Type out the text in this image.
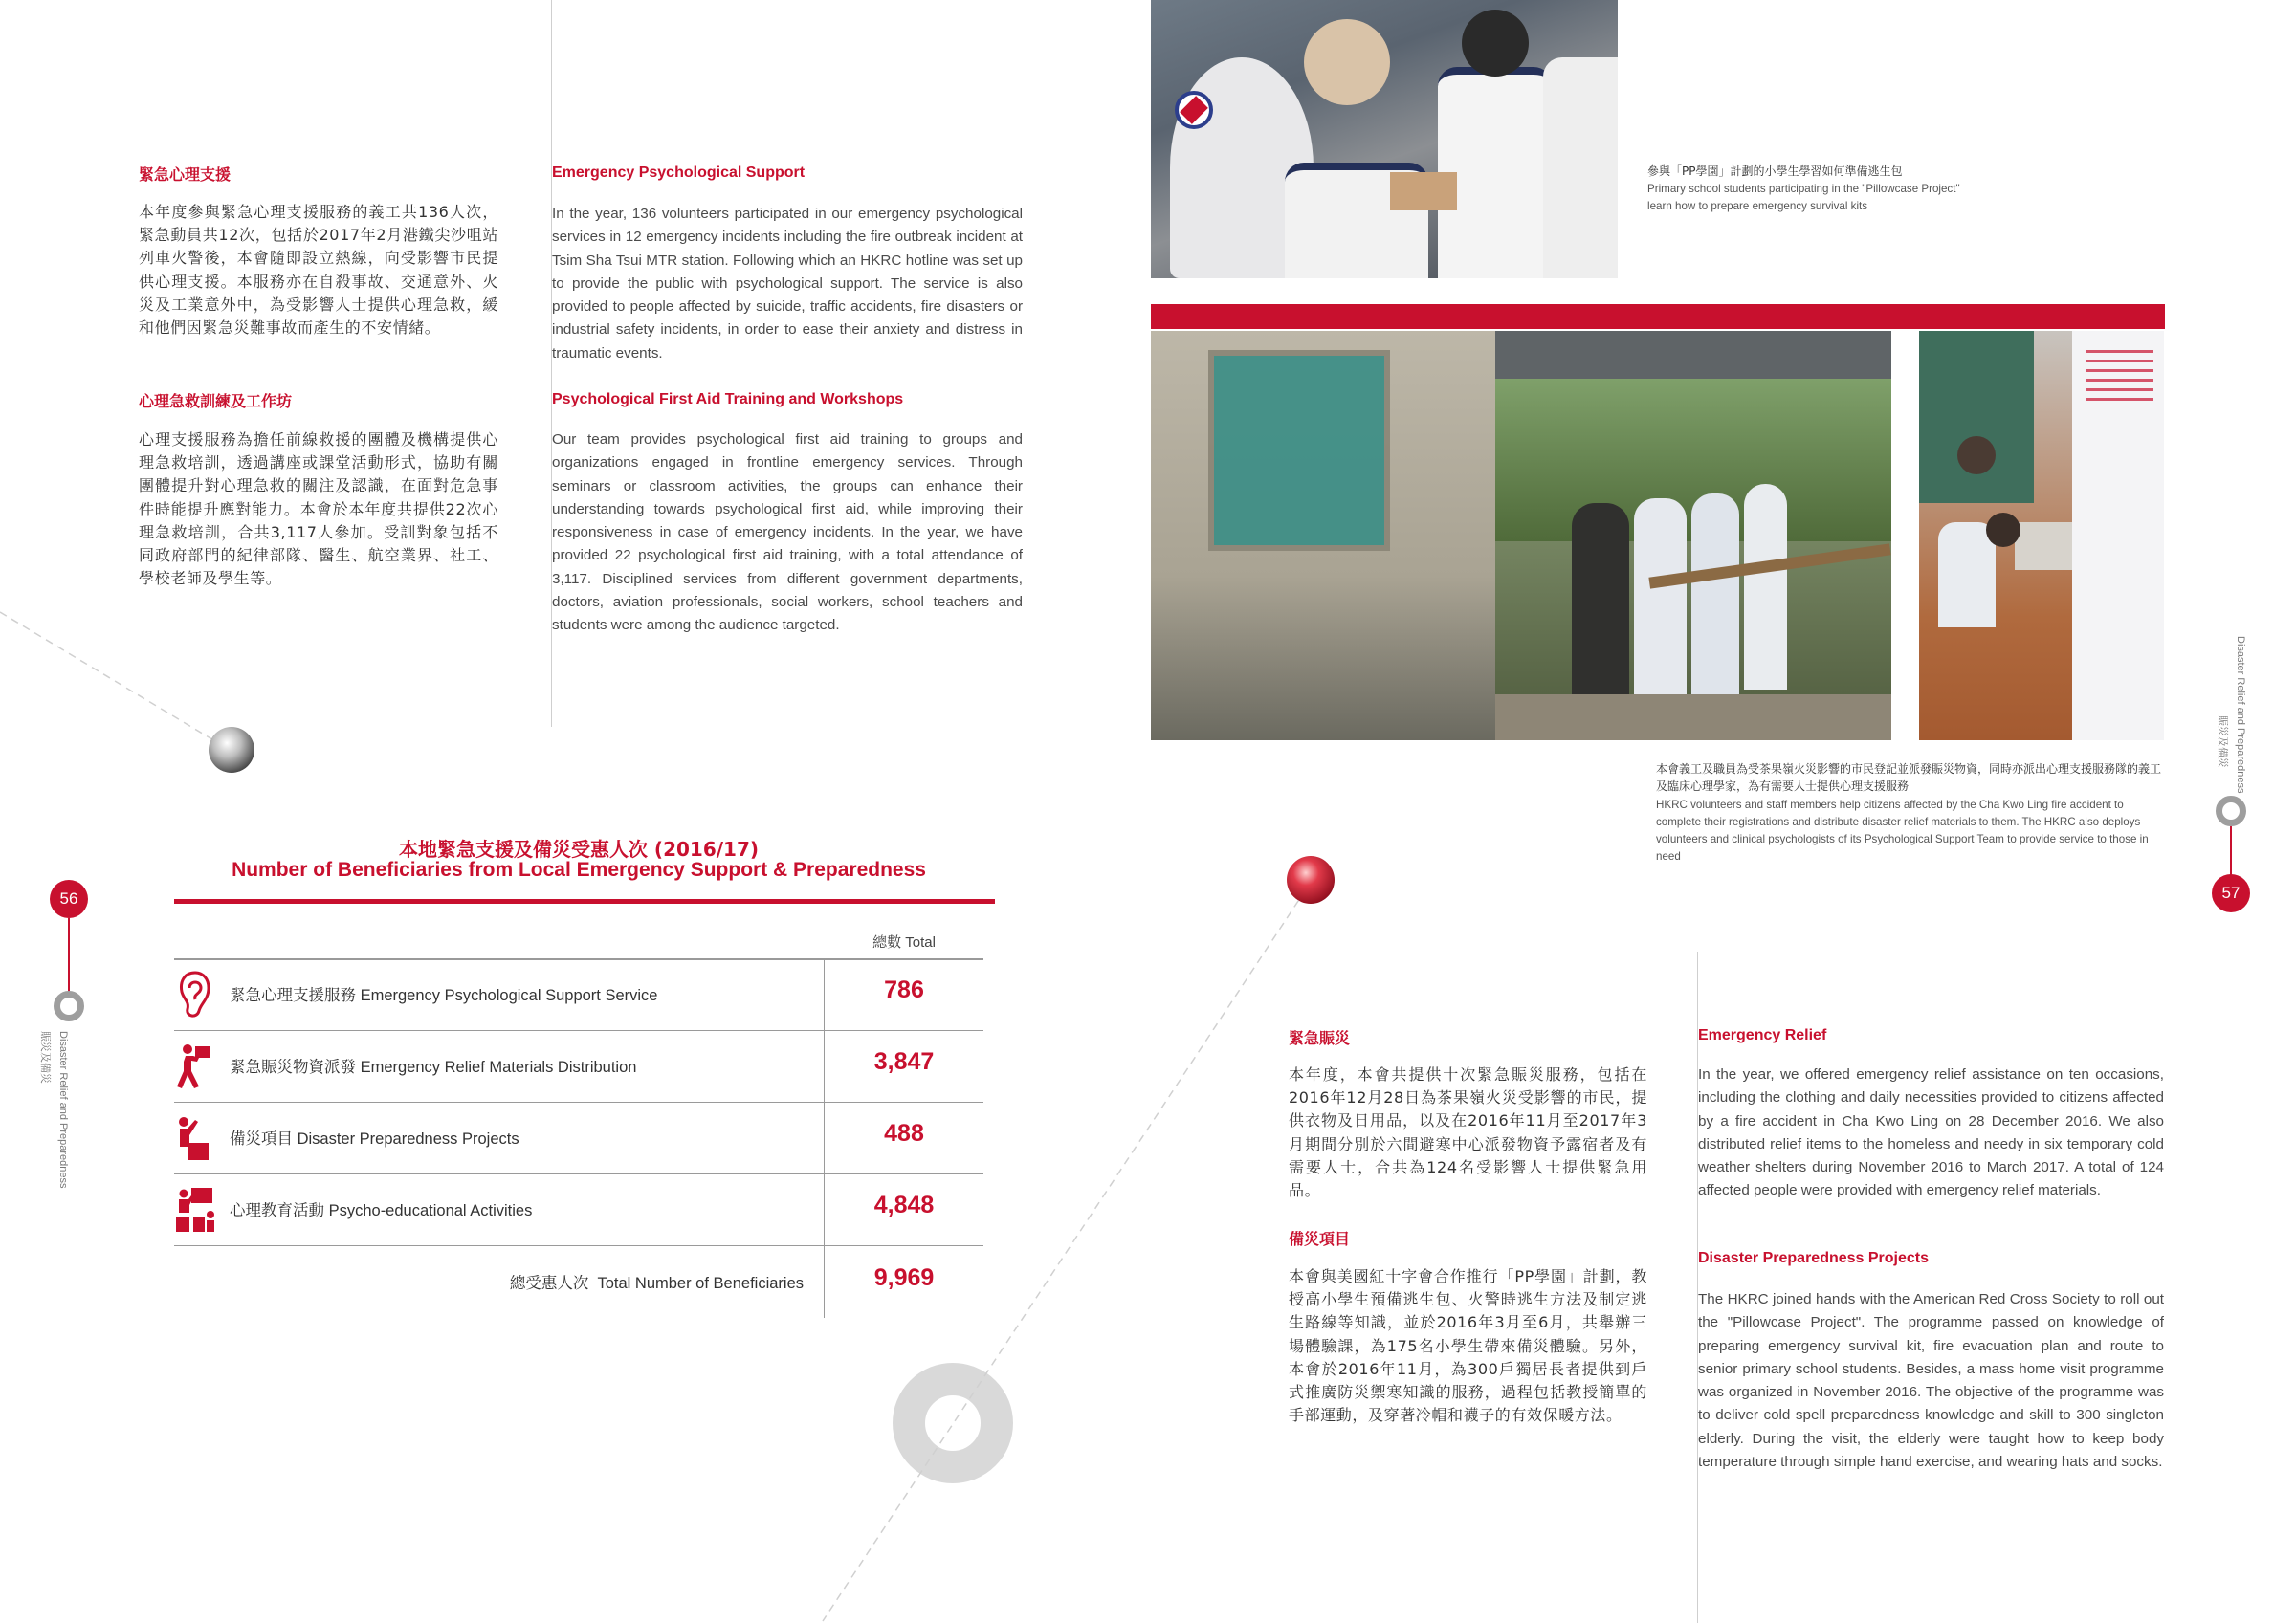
緊急心理支援
本年度參與緊急心理支援服務的義工共136人次，緊急動員共12次，包括於2017年2月港鐵尖沙咀站列車火警後，本會隨即設立熱線，向受影響市民提供心理支援。本服務亦在自殺事故、交通意外、火災及工業意外中，為受影響人士提供心理急救，緩和他們因緊急災難事故而產生的不安情緒。
Emergency Psychological Support
In the year, 136 volunteers participated in our emergency psychological services in 12 emergency incidents including the fire outbreak incident at Tsim Sha Tsui MTR station. Following which an HKRC hotline was set up to provide the public with psychological support. The service is also provided to people affected by suicide, traffic accidents, fire disasters or industrial safety incidents, in order to ease their anxiety and distress in traumatic events.
心理急救訓練及工作坊
心理支援服務為擔任前線救援的團體及機構提供心理急救培訓，透過講座或課堂活動形式，協助有關團體提升對心理急救的關注及認識，在面對危急事件時能提升應對能力。本會於本年度共提供22次心理急救培訓，合共3,117人參加。受訓對象包括不同政府部門的紀律部隊、醫生、航空業界、社工、學校老師及學生等。
Psychological First Aid Training and Workshops
Our team provides psychological first aid training to groups and organizations engaged in frontline emergency services. Through seminars or classroom activities, the groups can enhance their understanding towards psychological first aid, while improving their responsiveness in case of emergency incidents. In the year, we have provided 22 psychological first aid training, with a total attendance of 3,117. Disciplined services from different government departments, doctors, aviation professionals, social workers, school teachers and students were among the audience targeted.
本地緊急支援及備災受惠人次 (2016/17)
Number of Beneficiaries from Local Emergency Support & Preparedness
總數 Total
緊急心理支援服務 Emergency Psychological Support Service	786
緊急賑災物資派發 Emergency Relief Materials Distribution	3,847
備災項目 Disaster Preparedness Projects	488
心理教育活動 Psycho-educational Activities	4,848
總受惠人次  Total Number of Beneficiaries	9,969
56
Disaster Relief and Preparedness
賑災及備災
參與「PP學園」計劃的小學生學習如何準備逃生包
Primary school students participating in the "Pillowcase Project" learn how to prepare emergency survival kits
本會義工及職員為受茶果嶺火災影響的市民登記並派發賑災物資，同時亦派出心理支援服務隊的義工及臨床心理學家，為有需要人士提供心理支援服務
HKRC volunteers and staff members help citizens affected by the Cha Kwo Ling fire accident to complete their registrations and distribute disaster relief materials to them. The HKRC also deploys volunteers and clinical psychologists of its Psychological Support Team to provide service to those in need
緊急賑災
本年度，本會共提供十次緊急賑災服務，包括在2016年12月28日為茶果嶺火災受影響的市民，提供衣物及日用品，以及在2016年11月至2017年3月期間分別於六間避寒中心派發物資予露宿者及有需要人士，合共為124名受影響人士提供緊急用品。
Emergency Relief
In the year, we offered emergency relief assistance on ten occasions, including the clothing and daily necessities provided to citizens affected by a fire accident in Cha Kwo Ling on 28 December 2016. We also distributed relief items to the homeless and needy in six temporary cold weather shelters during November 2016 to March 2017. A total of 124 affected people were provided with emergency relief materials.
備災項目
本會與美國紅十字會合作推行「PP學園」計劃，教授高小學生預備逃生包、火警時逃生方法及制定逃生路線等知識，並於2016年3月至6月，共舉辦三場體驗課，為175名小學生帶來備災體驗。另外，本會於2016年11月，為300戶獨居長者提供到戶式推廣防災禦寒知識的服務，過程包括教授簡單的手部運動，及穿著冷帽和襪子的有效保暖方法。
Disaster Preparedness Projects
The HKRC joined hands with the American Red Cross Society to roll out the "Pillowcase Project". The programme passed on knowledge of preparing emergency survival kit, fire evacuation plan and route to senior primary school students. Besides, a mass home visit programme was organized in November 2016. The objective of the programme was to deliver cold spell preparedness knowledge and skill to 300 singleton elderly. During the visit, the elderly were taught how to keep body temperature through simple hand exercise, and wearing hats and socks.
Disaster Relief and Preparedness
賑災及備災
57
